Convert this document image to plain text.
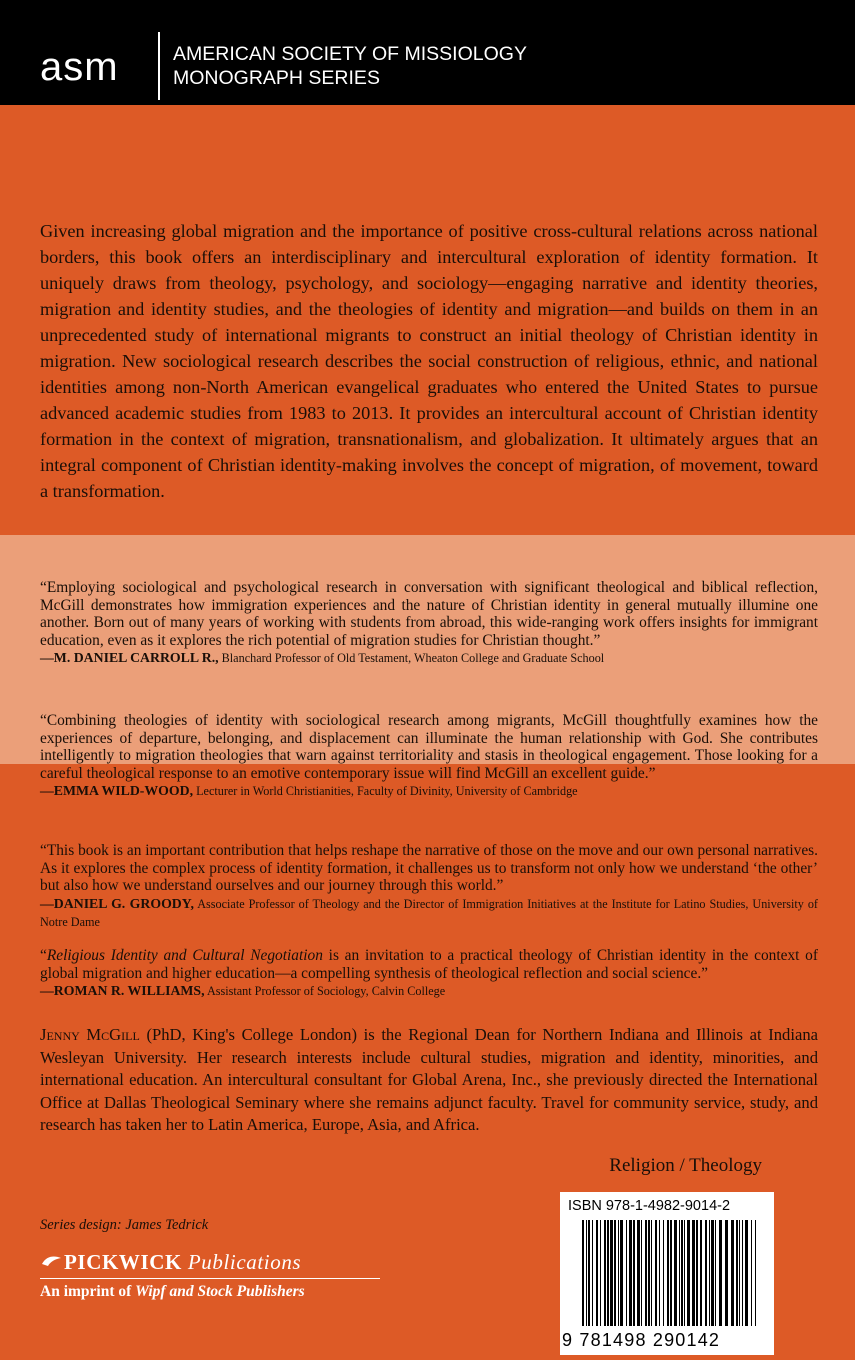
asm	AMERICAN SOCIETY OF MISSIOLOGY
MONOGRAPH SERIES
Given increasing global migration and the importance of positive cross-cultural relations across national borders, this book offers an interdisciplinary and intercultural exploration of identity formation. It uniquely draws from theology, psychology, and sociology—engaging narrative and identity theories, migration and identity studies, and the theologies of identity and migration—and builds on them in an unprecedented study of international migrants to construct an initial theology of Christian identity in migration. New sociological research describes the social construction of religious, ethnic, and national identities among non-North American evangelical graduates who entered the United States to pursue advanced academic studies from 1983 to 2013. It provides an intercultural account of Christian identity formation in the context of migration, transnationalism, and globalization. It ultimately argues that an integral component of Christian identity-making involves the concept of migration, of movement, toward a transformation.
“Employing sociological and psychological research in conversation with significant theological and biblical reflection, McGill demonstrates how immigration experiences and the nature of Christian identity in general mutually illumine one another. Born out of many years of working with students from abroad, this wide-ranging work offers insights for immigrant education, even as it explores the rich potential of migration studies for Christian thought.”
—M. DANIEL CARROLL R., Blanchard Professor of Old Testament, Wheaton College and Graduate School
“Combining theologies of identity with sociological research among migrants, McGill thoughtfully examines how the experiences of departure, belonging, and displacement can illuminate the human relationship with God. She contributes intelligently to migration theologies that warn against territoriality and stasis in theological engagement. Those looking for a careful theological response to an emotive contemporary issue will find McGill an excellent guide.”
—EMMA WILD-WOOD, Lecturer in World Christianities, Faculty of Divinity, University of Cambridge
“This book is an important contribution that helps reshape the narrative of those on the move and our own personal narratives. As it explores the complex process of identity formation, it challenges us to transform not only how we understand ‘the other’ but also how we understand ourselves and our journey through this world.”
—DANIEL G. GROODY, Associate Professor of Theology and the Director of Immigration Initiatives at the Institute for Latino Studies, University of Notre Dame
“Religious Identity and Cultural Negotiation is an invitation to a practical theology of Christian identity in the context of global migration and higher education—a compelling synthesis of theological reflection and social science.”
—ROMAN R. WILLIAMS, Assistant Professor of Sociology, Calvin College
Jenny McGill (PhD, King's College London) is the Regional Dean for Northern Indiana and Illinois at Indiana Wesleyan University. Her research interests include cultural studies, migration and identity, minorities, and international education. An intercultural consultant for Global Arena, Inc., she previously directed the International Office at Dallas Theological Seminary where she remains adjunct faculty. Travel for community service, study, and research has taken her to Latin America, Europe, Asia, and Africa.
Religion / Theology
ISBN 978-1-4982-9014-2
9 781498 290142
Series design: James Tedrick
PICKWICK Publications
An imprint of Wipf and Stock Publishers
